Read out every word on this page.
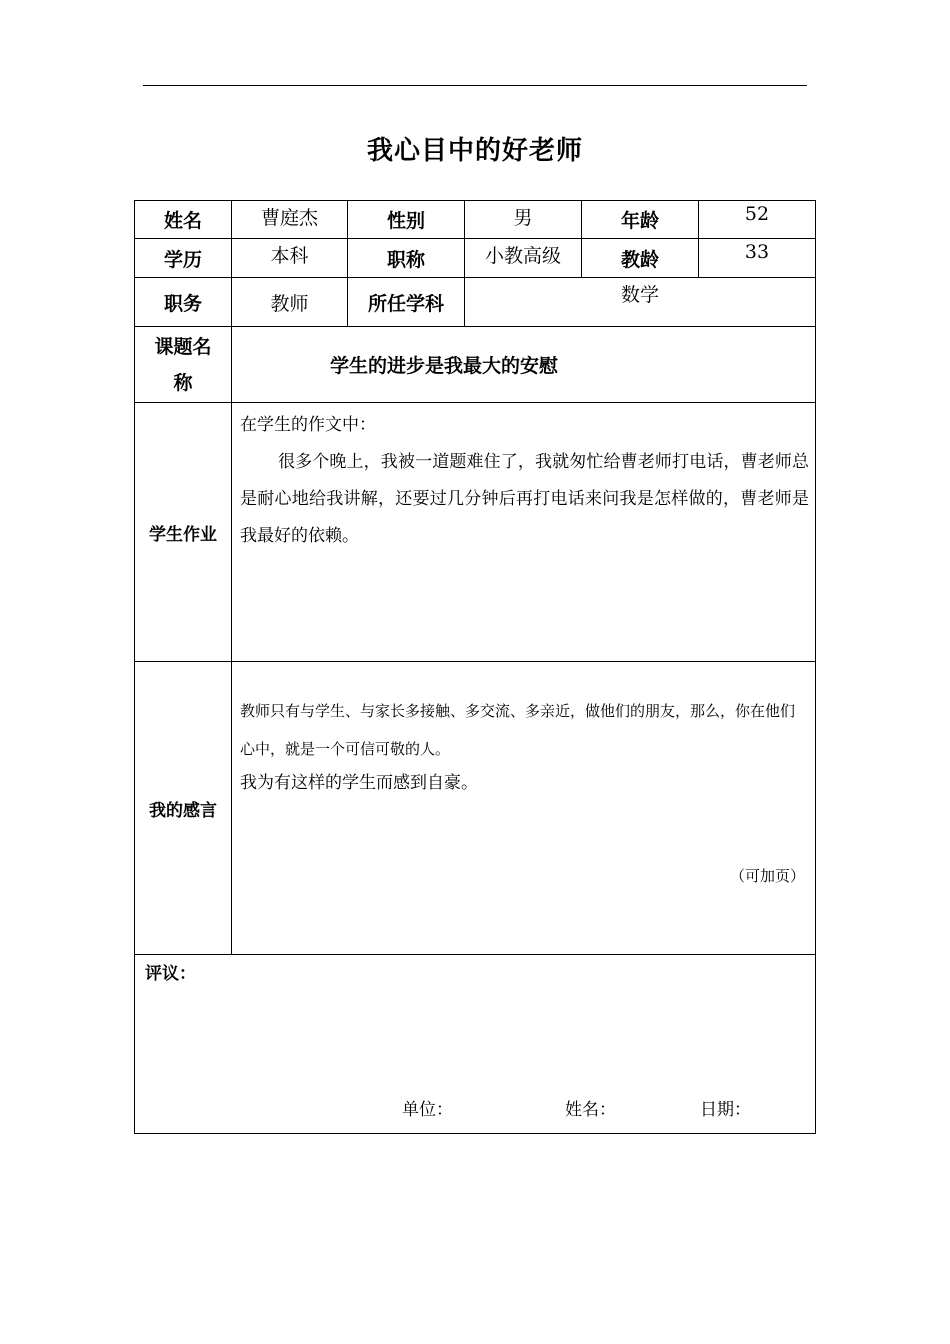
我心目中的好老师
姓名	曹庭杰	性别	男	年龄	52
学历	本科	职称	小教高级	教龄	33
职务	教师	所任学科	数学		

课题名
称	学生的进步是我最大的安慰				
学生作业	在学生的作文中：

很多个晚上，我被一道题难住了，我就匆忙给曹老师打电话，曹老师总是耐心地给我讲解，还要过几分钟后再打电话来问我是怎样做的，曹老师是我最好的依赖。				

我的感言	教师只有与学生、与家长多接触、多交流、多亲近，做他们的朋友，那么，你在他们心中，就是一个可信可敬的人。

我为有这样的学生而感到自豪。

（可加页）				

评议：
单位： 姓名： 日期：					
